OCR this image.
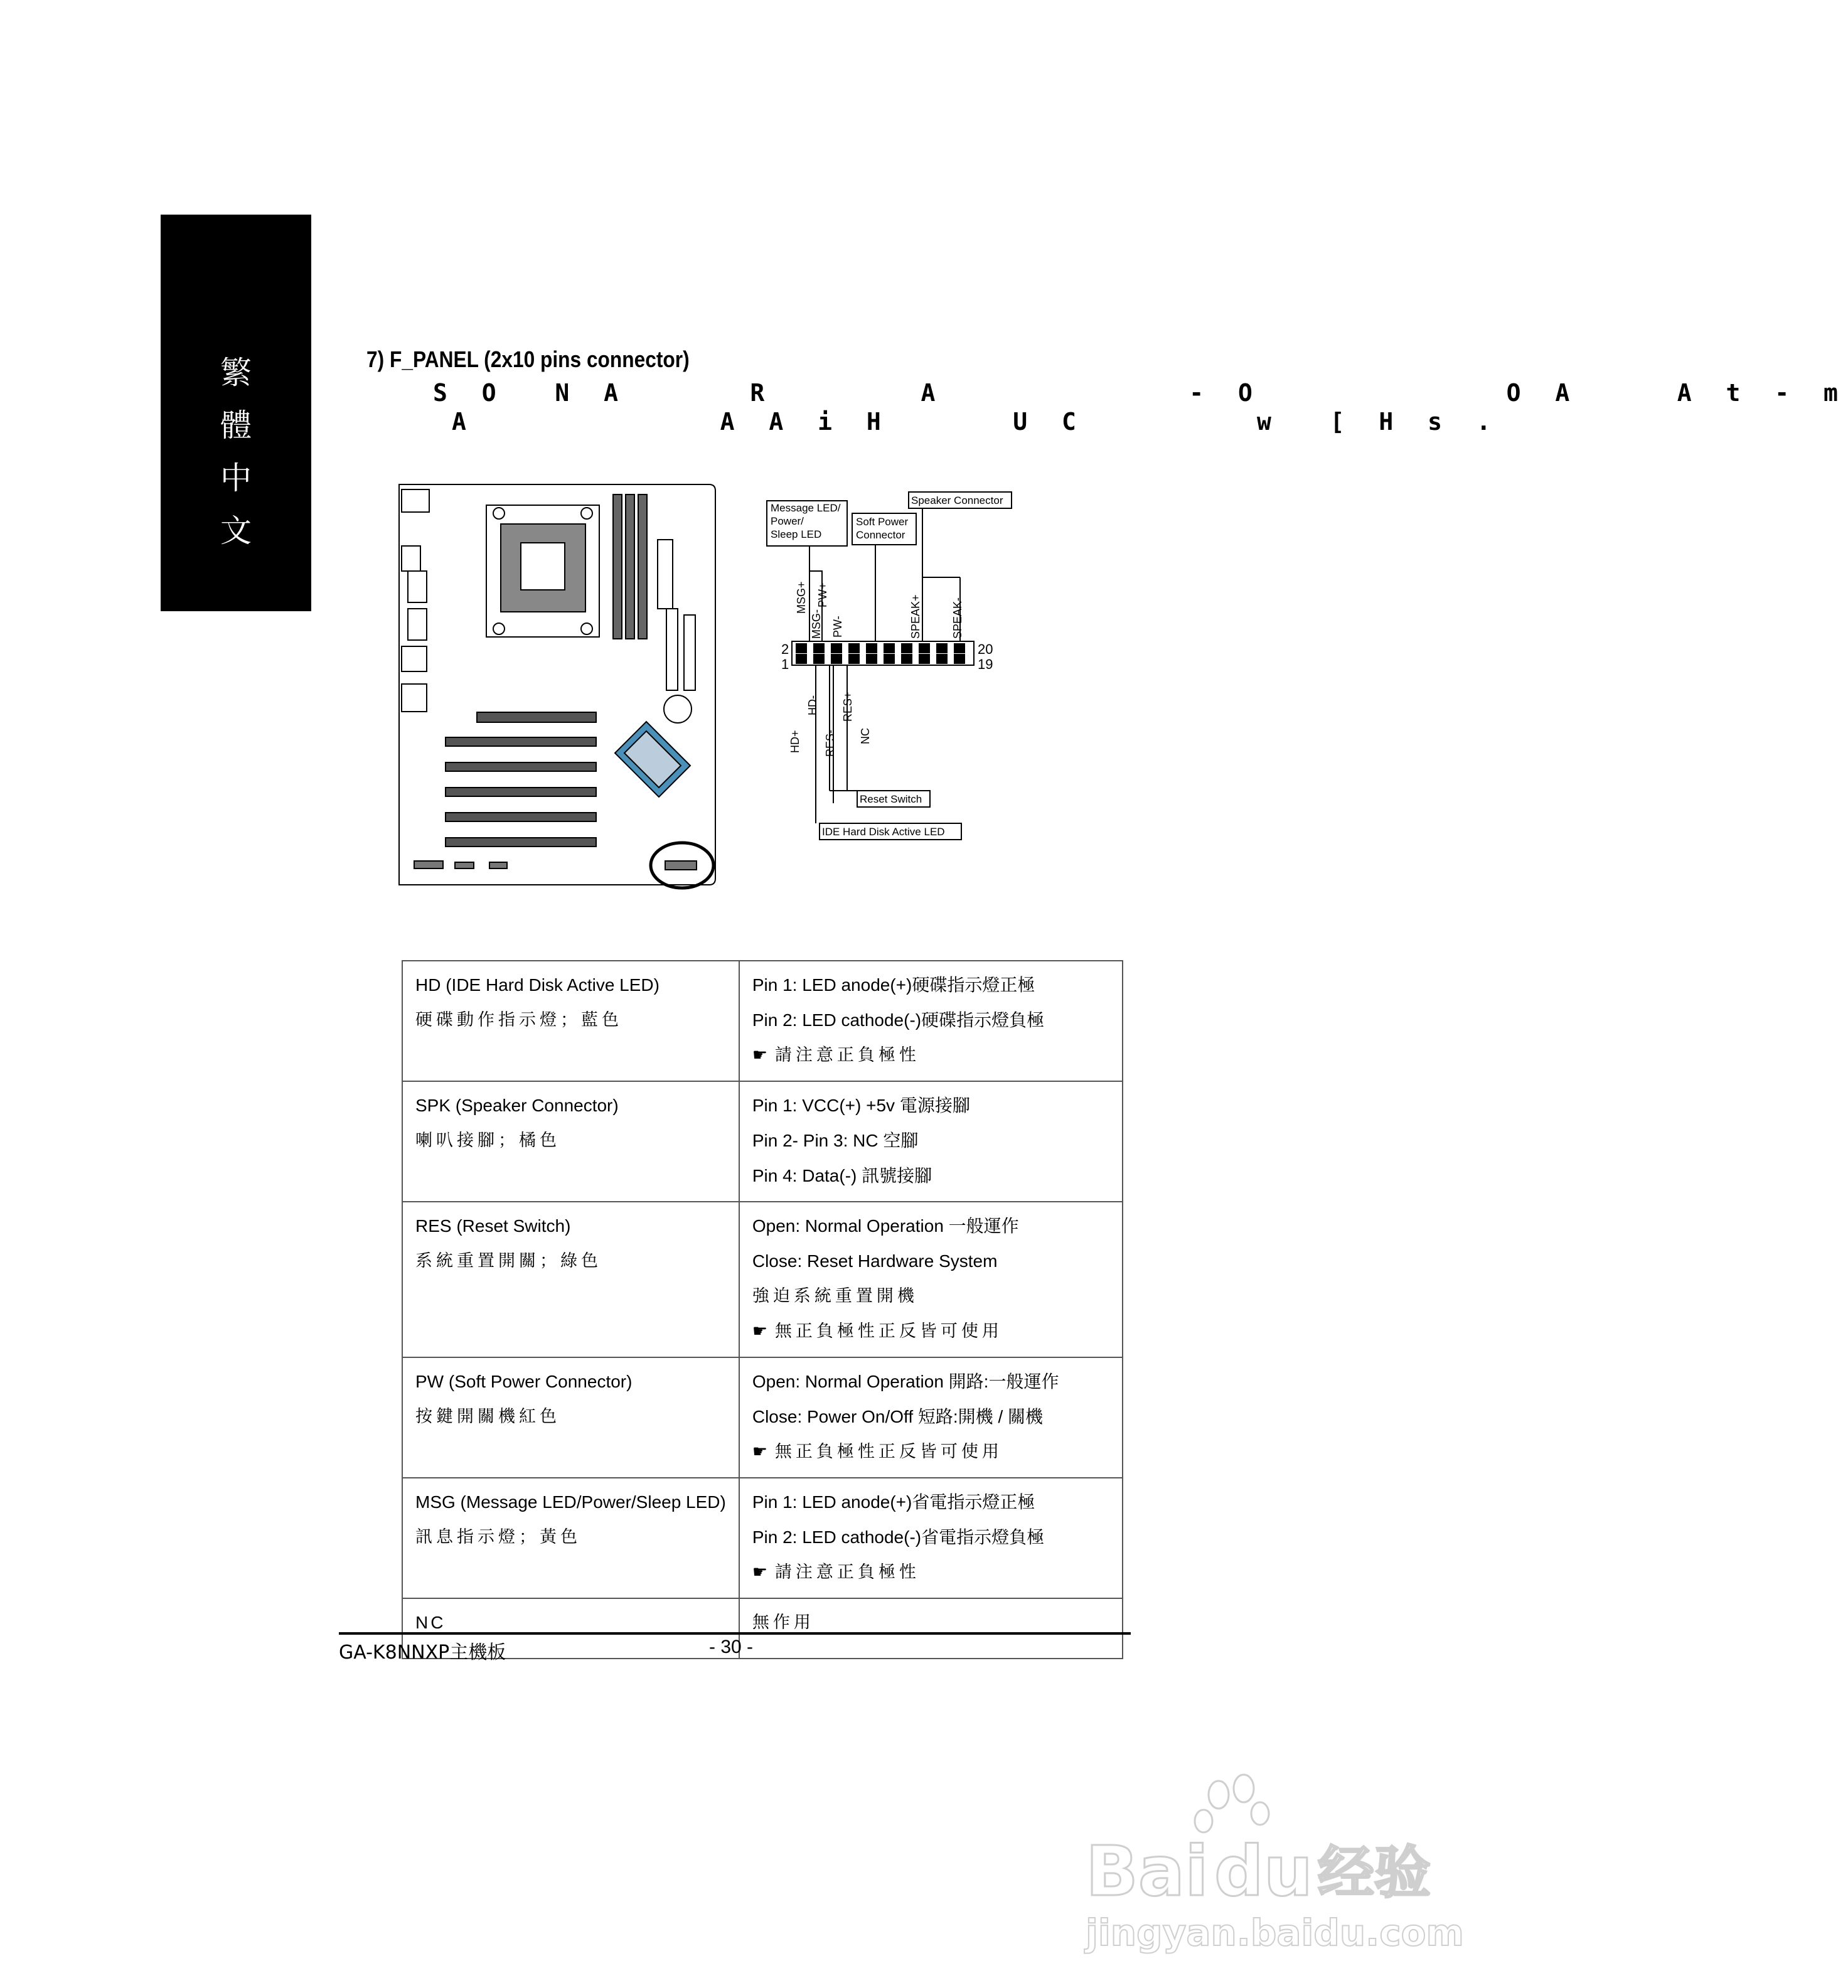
繁
體
中
文
7) F_PANEL (2x10 pins connector)
S O  N A     R      A          - O          O A    A t - m
A          A A i H     U C       w  [ H s .
Message LED/
Power/
Sleep LED
Soft Power
Connector
Speaker Connector
Reset Switch
IDE Hard Disk Active LED
2
1
20
19
MSG+
MSG-
PW+
PW-	SPEAK+	SPEAK-
HD+
HD-
RES-
RES+
NC
HD (IDE Hard Disk Active LED)
硬碟動作指示燈；藍色	Pin 1: LED anode(+)硬碟指示燈正極
Pin 2: LED cathode(-)硬碟指示燈負極
☛ 請注意正負極性

SPK (Speaker Connector)
喇叭接腳；橘色	Pin 1: VCC(+) +5v 電源接腳
Pin 2- Pin 3: NC 空腳
Pin 4: Data(-) 訊號接腳

RES (Reset Switch)
系統重置開關；綠色	Open: Normal Operation 一般運作
Close: Reset Hardware System
強迫系統重置開機
☛ 無正負極性正反皆可使用

PW (Soft Power Connector)
按鍵開關機紅色	Open: Normal Operation 開路:一般運作
Close: Power On/Off 短路:開機 / 關機
☛ 無正負極性正反皆可使用

MSG (Message LED/Power/Sleep LED)
訊息指示燈；黃色	Pin 1: LED anode(+)省電指示燈正極
Pin 2: LED cathode(-)省電指示燈負極
☛ 請注意正負極性

NC	無作用
GA-K8NNXP主機板	- 30 -
Bai du 经验
jingyan.baidu.com
